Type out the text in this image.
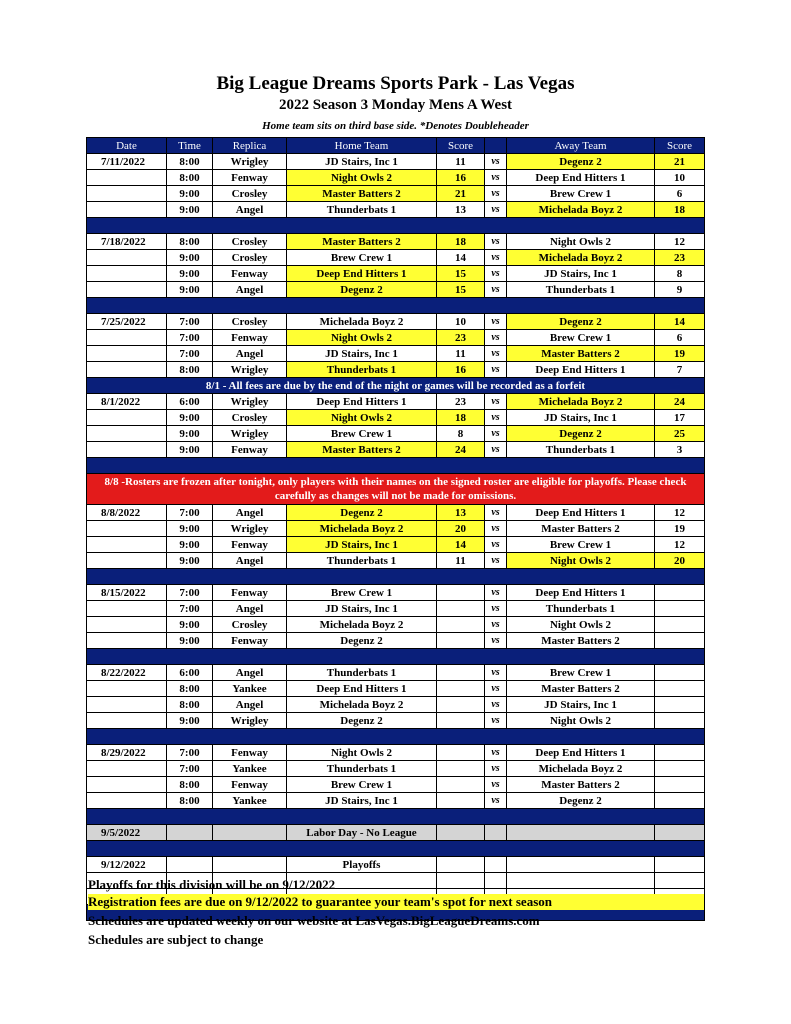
Big League Dreams Sports Park - Las Vegas
2022 Season 3 Monday Mens A West
Home team sits on third base side. *Denotes Doubleheader
Date	Time	Replica	Home Team	Score		Away Team	Score
7/11/2022	8:00	Wrigley	JD Stairs, Inc 1	11	vs	Degenz 2	21
	8:00	Fenway	Night Owls 2	16	vs	Deep End Hitters 1	10
	9:00	Crosley	Master Batters 2	21	vs	Brew Crew 1	6
	9:00	Angel	Thunderbats 1	13	vs	Michelada Boyz 2	18

7/18/2022	8:00	Crosley	Master Batters 2	18	vs	Night Owls 2	12
	9:00	Crosley	Brew Crew 1	14	vs	Michelada Boyz 2	23
	9:00	Fenway	Deep End Hitters 1	15	vs	JD Stairs, Inc 1	8
	9:00	Angel	Degenz 2	15	vs	Thunderbats 1	9

7/25/2022	7:00	Crosley	Michelada Boyz 2	10	vs	Degenz 2	14
	7:00	Fenway	Night Owls 2	23	vs	Brew Crew 1	6
	7:00	Angel	JD Stairs, Inc 1	11	vs	Master Batters 2	19
	8:00	Wrigley	Thunderbats 1	16	vs	Deep End Hitters 1	7
8/1 - All fees are due by the end of the night or games will be recorded as a forfeit							
8/1/2022	6:00	Wrigley	Deep End Hitters 1	23	vs	Michelada Boyz 2	24
	9:00	Crosley	Night Owls 2	18	vs	JD Stairs, Inc 1	17
	9:00	Wrigley	Brew Crew 1	8	vs	Degenz 2	25
	9:00	Fenway	Master Batters 2	24	vs	Thunderbats 1	3

8/8 -Rosters are frozen after tonight, only players with their names on the signed roster are eligible for playoffs. Please check carefully as changes will not be made for omissions.							
8/8/2022	7:00	Angel	Degenz 2	13	vs	Deep End Hitters 1	12
	9:00	Wrigley	Michelada Boyz 2	20	vs	Master Batters 2	19
	9:00	Fenway	JD Stairs, Inc 1	14	vs	Brew Crew 1	12
	9:00	Angel	Thunderbats 1	11	vs	Night Owls 2	20

8/15/2022	7:00	Fenway	Brew Crew 1		vs	Deep End Hitters 1	
	7:00	Angel	JD Stairs, Inc 1		vs	Thunderbats 1	
	9:00	Crosley	Michelada Boyz 2		vs	Night Owls 2	
	9:00	Fenway	Degenz 2		vs	Master Batters 2	

8/22/2022	6:00	Angel	Thunderbats 1		vs	Brew Crew 1	
	8:00	Yankee	Deep End Hitters 1		vs	Master Batters 2	
	8:00	Angel	Michelada Boyz 2		vs	JD Stairs, Inc 1	
	9:00	Wrigley	Degenz 2		vs	Night Owls 2	

8/29/2022	7:00	Fenway	Night Owls 2		vs	Deep End Hitters 1	
	7:00	Yankee	Thunderbats 1		vs	Michelada Boyz 2	
	8:00	Fenway	Brew Crew 1		vs	Master Batters 2	
	8:00	Yankee	JD Stairs, Inc 1		vs	Degenz 2	

9/5/2022			Labor Day - No League				

9/12/2022			Playoffs				

Playoffs for this division will be on 9/12/2022
Registration fees are due on 9/12/2022 to guarantee your team's spot for next season
Schedules are updated weekly on our website at LasVegas.BigLeagueDreams.com
Schedules are subject to change
